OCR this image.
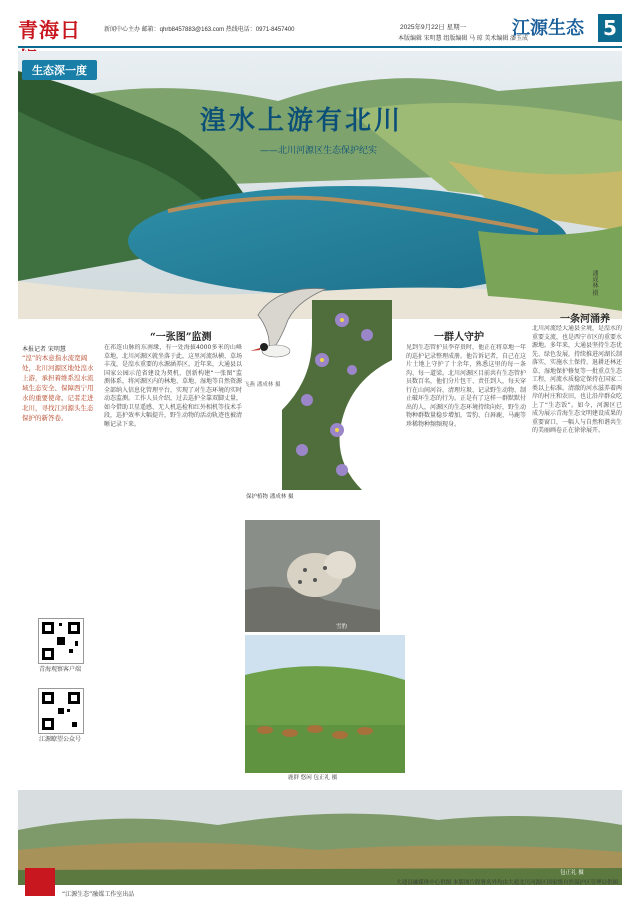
青海日	新闻中心主办 邮箱：qhrb8457883@163.com 热线电话：0971-8457400	2025年9月22日 星期一
本版编辑 宋明慧 组版编辑 马 琼 美术编辑 潘玉成
江源生态 5
生态深一度
湟水上游有北川
——北川河源区生态保护纪实
潘成林 摄
本报记者 宋明慧
“湟”的本意指水流宽阔处，北川河源区地处湟水上游，承担着维系湟水流域生态安全、保障西宁用水的重要使命。记者走进北川，寻找江河源头生态保护的新答卷。
青海观察客户端
江源瞭望公众号
“一张图”监测
在祁连山脉的东南缘，有一处海拔4000多米的山峰草地，北川河源区就坐落于此。这里河流纵横、草场丰茂，是湟水重要的水源涵养区。近年来，大通县以国家公园示范省建设为契机，创新构建“一张图”监测体系，将河源区内的林地、草地、湿地等自然资源全部纳入信息化管理平台，实现了对生态环境的实时动态监测。工作人员介绍，过去巡护全靠双脚丈量，如今借助卫星遥感、无人机巡检和红外相机等技术手段，巡护效率大幅提升，野生动物的活动轨迹也被清晰记录下来。
一群人守护
见到生态管护员李存贵时，他正在将草地一年的巡护记录整理成册。他告诉记者，自己在这片土地上守护了十余年，熟悉这里的每一条沟、每一道梁。北川河源区目前共有生态管护员数百名，他们分片包干、责任到人，每天穿行在山间河谷，清理垃圾、记录野生动物、制止破坏生态的行为。正是有了这样一群默默付出的人，河源区的生态环境持续向好，野生动物种群数量稳步增加，雪豹、白唇鹿、马鹿等珍稀物种频频现身。
一条河涌养
北川河流经大通县全境，是湟水的重要支流，也是西宁市区的重要水源地。多年来，大通县坚持生态优先、绿色发展，持续推进河湖长制落实，实施水土保持、退耕还林还草、湿地保护修复等一批重点生态工程，河流水质稳定保持在国家二类以上标准。清澈的河水滋养着两岸的村庄和农田，也让沿岸群众吃上了“生态饭”。如今，河源区已成为展示青海生态文明建设成果的重要窗口，一幅人与自然和谐共生的美丽画卷正在徐徐展开。
飞燕 潘成林 摄
保护植物 潘成林 摄
雪豹
鹿群 悠闲 包正礼 摄
“江源生态”融媒工作室出品
包正礼 摄
大通县融媒体中心供图 本版图片除署名外均由大通北川河源区国家级自然保护区管理局供图
